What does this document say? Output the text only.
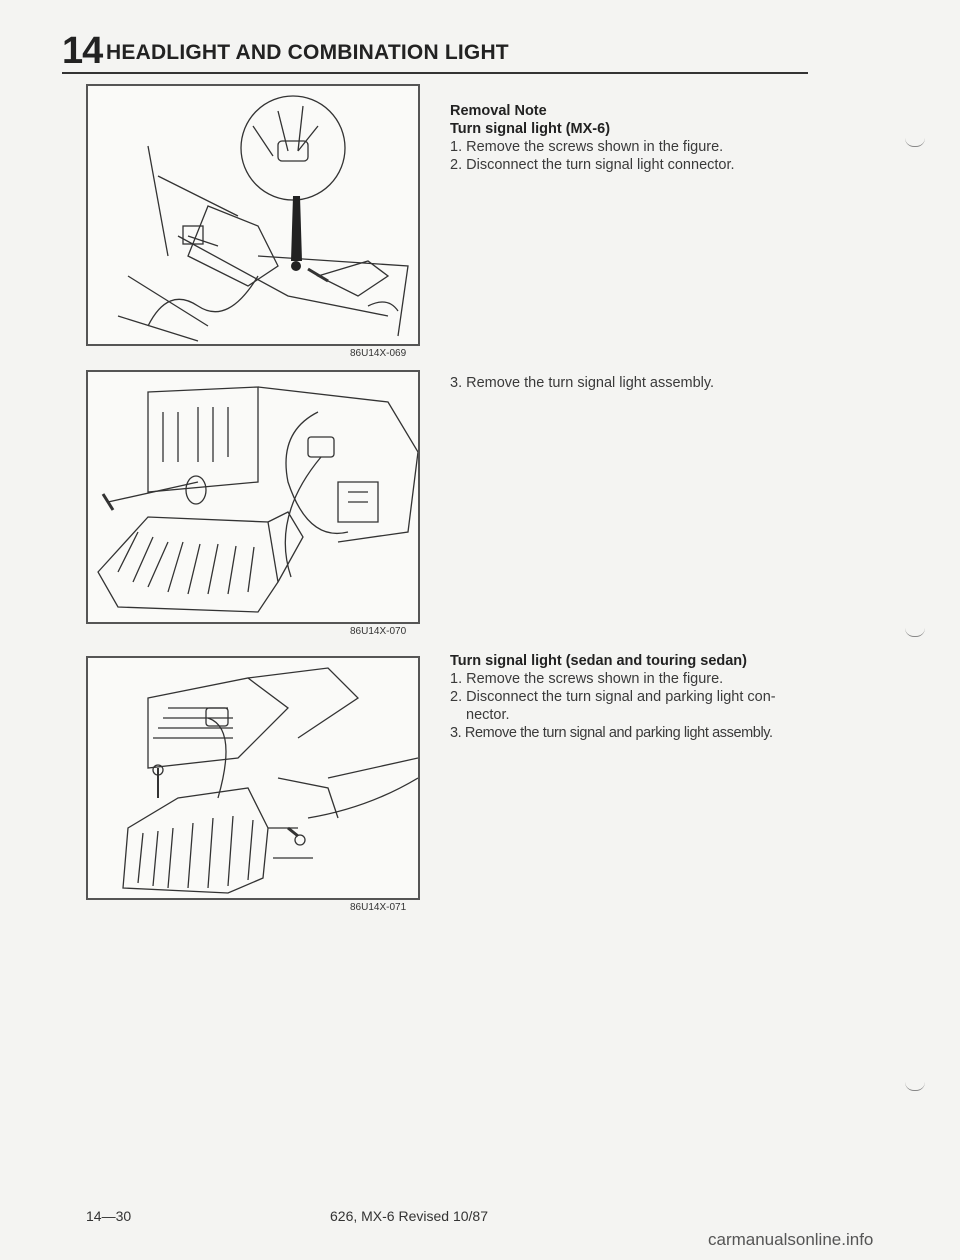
14 HEADLIGHT AND COMBINATION LIGHT
86U14X-069
86U14X-070
86U14X-071
Removal Note
Turn signal light (MX-6)

1. Remove the screws shown in the figure.

2. Disconnect the turn signal light connector.

3. Remove the turn signal light assembly.

Turn signal light (sedan and touring sedan)

1. Remove the screws shown in the figure.

2. Disconnect the turn signal and parking light con-

nector.

3. Remove the turn signal and parking light assembly.

14—30	626, MX-6 Revised 10/87
carmanualsonline.info
